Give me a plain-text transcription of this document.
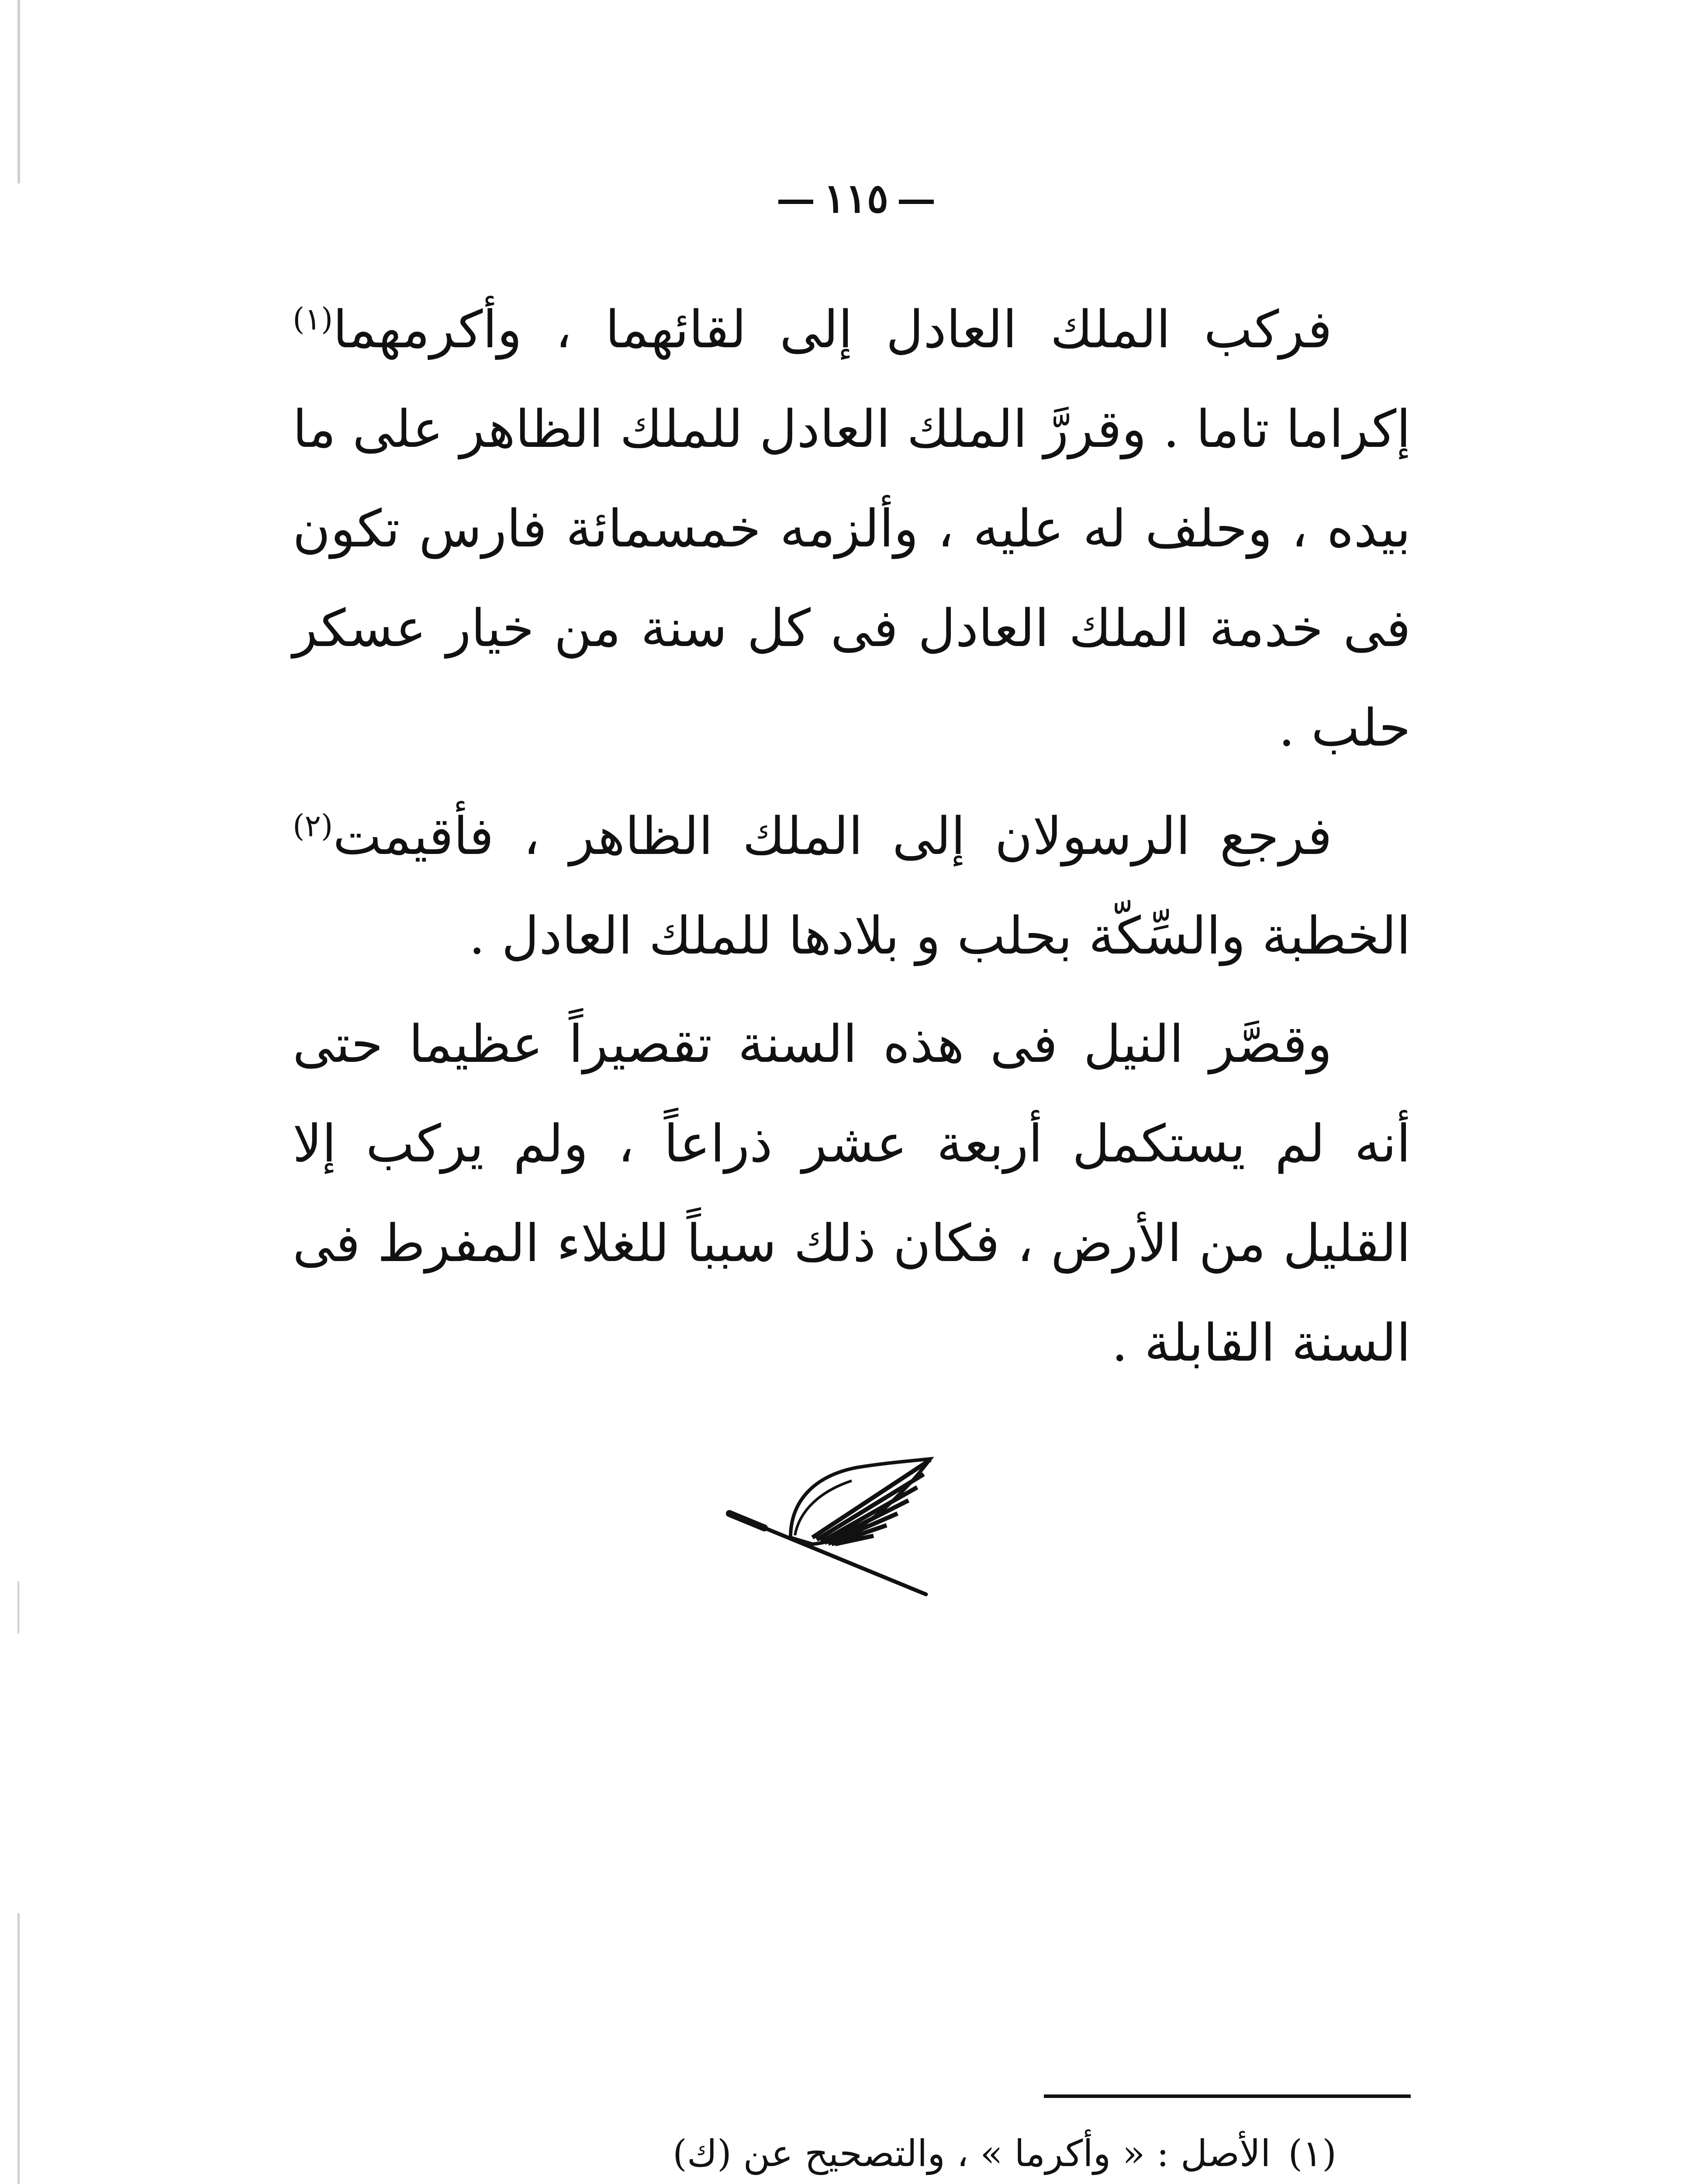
١١٥

فركب الملك العادل إلى لقائهما ، وأكرمهما$^{(١)}$ إكراما تاما . وقررَّ الملك العادل للملك الظاهر على ما بيده ، وحلف له عليه ، وألزمه خمسمائة فارس تكون فى خدمة الملك العادل فى كل سنة من خيار عسكر حلب .

فرجع الرسولان إلى الملك الظاهر ، فأقيمت$^{(٢)}$ الخطبة والسِّكّة بحلب و بلادها للملك العادل .

وقصَّر النيل فى هذه السنة تقصيراً عظيما حتى أنه لم يستكمل أربعة عشر ذراعاً ، ولم يركب إلا القليل من الأرض ، فكان ذلك سبباً للغلاء المفرط فى السنة القابلة .

(١)الأصل : « وأكرما » ، والتصحيح عن (ك)
